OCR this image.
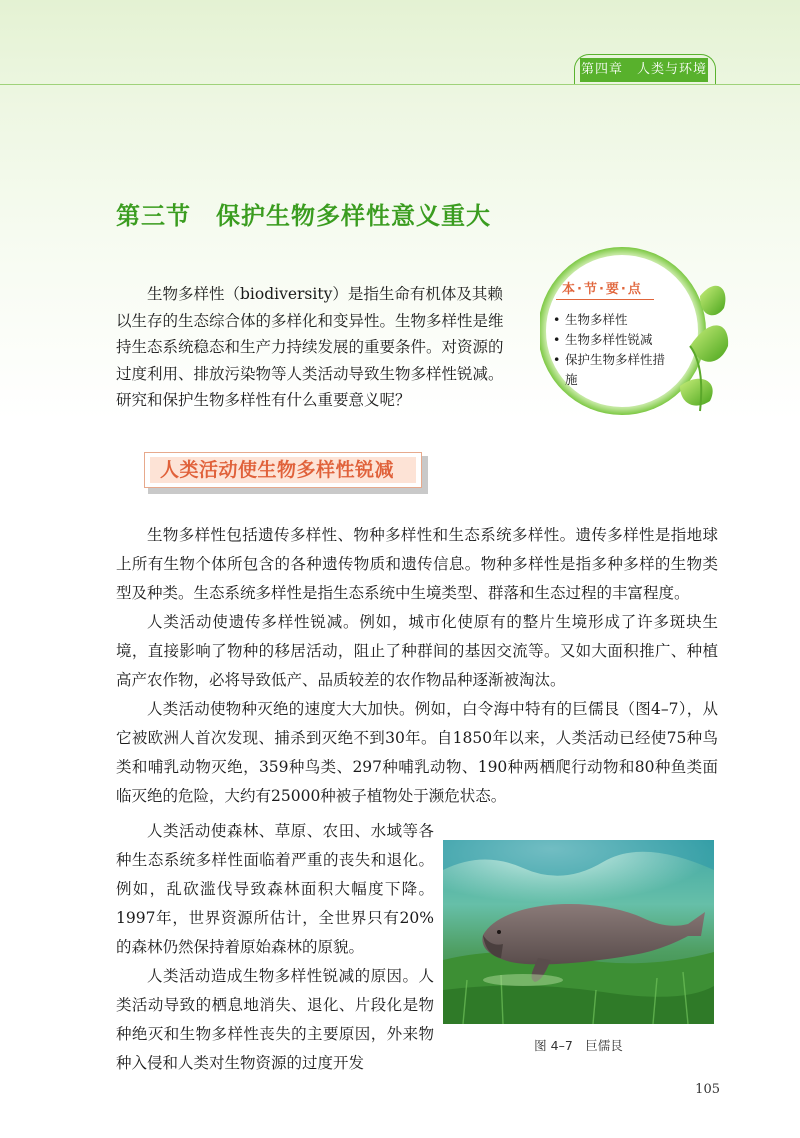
第四章　人类与环境
第三节　保护生物多样性意义重大
生物多样性（biodiversity）是指生命有机体及其赖以生存的生态综合体的多样化和变异性。生物多样性是维持生态系统稳态和生产力持续发展的重要条件。对资源的过度利用、排放污染物等人类活动导致生物多样性锐减。研究和保护生物多样性有什么重要意义呢？
本·节·要·点
• 生物多样性
• 生物多样性锐减
• 保护生物多样性措施
人类活动使生物多样性锐减

生物多样性包括遗传多样性、物种多样性和生态系统多样性。遗传多样性是指地球上所有生物个体所包含的各种遗传物质和遗传信息。物种多样性是指多种多样的生物类型及种类。生态系统多样性是指生态系统中生境类型、群落和生态过程的丰富程度。

人类活动使遗传多样性锐减。例如，城市化使原有的整片生境形成了许多斑块生境，直接影响了物种的移居活动，阻止了种群间的基因交流等。又如大面积推广、种植高产农作物，必将导致低产、品质较差的农作物品种逐渐被淘汰。

人类活动使物种灭绝的速度大大加快。例如，白令海中特有的巨儒艮（图4–7），从它被欧洲人首次发现、捕杀到灭绝不到30年。自1850年以来，人类活动已经使75种鸟类和哺乳动物灭绝，359种鸟类、297种哺乳动物、190种两栖爬行动物和80种鱼类面临灭绝的危险，大约有25000种被子植物处于濒危状态。

人类活动使森林、草原、农田、水域等各种生态系统多样性面临着严重的丧失和退化。例如，乱砍滥伐导致森林面积大幅度下降。1997年，世界资源所估计，全世界只有20%的森林仍然保持着原始森林的原貌。

人类活动造成生物多样性锐减的原因。人类活动导致的栖息地消失、退化、片段化是物种绝灭和生物多样性丧失的主要原因，外来物种入侵和人类对生物资源的过度开发

图 4–7　巨儒艮
105
